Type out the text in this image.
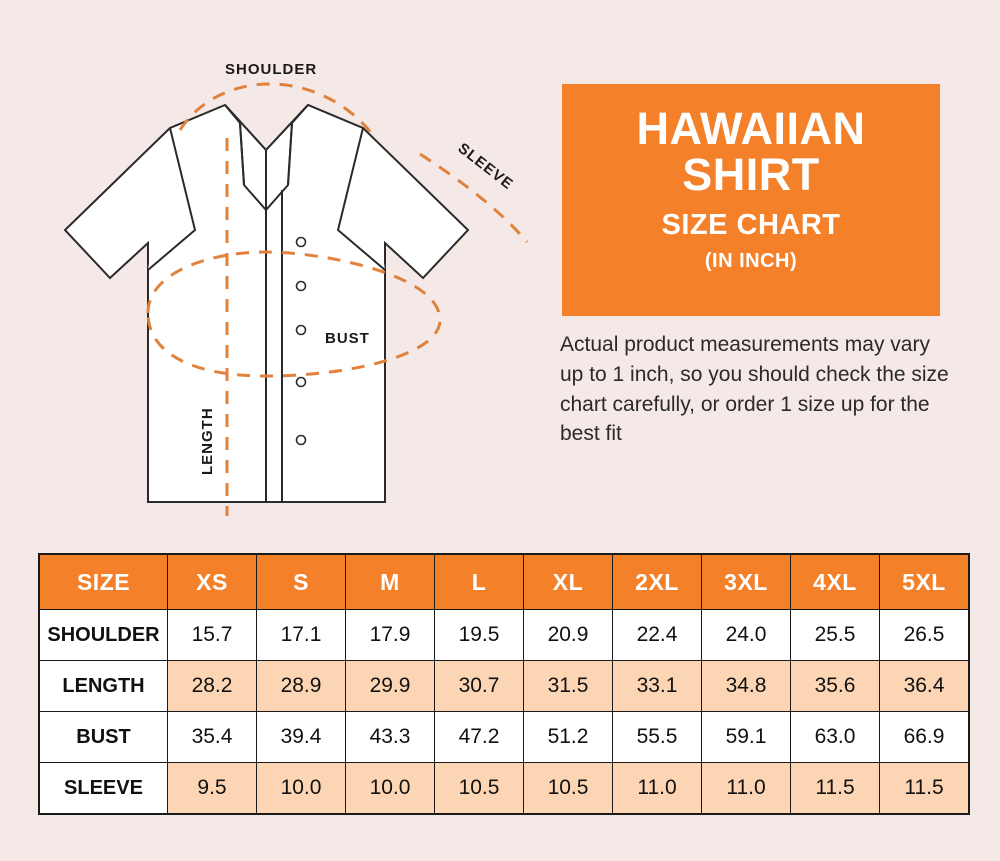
SHOULDER
SLEEVE
BUST
LENGTH
HAWAIIAN SHIRT
SIZE CHART
(IN INCH)
Actual product measurements may vary up to 1 inch, so you should check the size chart carefully, or order 1 size up for the best fit
SIZE	XS	S	M	L	XL	2XL	3XL	4XL	5XL
SHOULDER	15.7	17.1	17.9	19.5	20.9	22.4	24.0	25.5	26.5
LENGTH	28.2	28.9	29.9	30.7	31.5	33.1	34.8	35.6	36.4
BUST	35.4	39.4	43.3	47.2	51.2	55.5	59.1	63.0	66.9
SLEEVE	9.5	10.0	10.0	10.5	10.5	11.0	11.0	11.5	11.5
